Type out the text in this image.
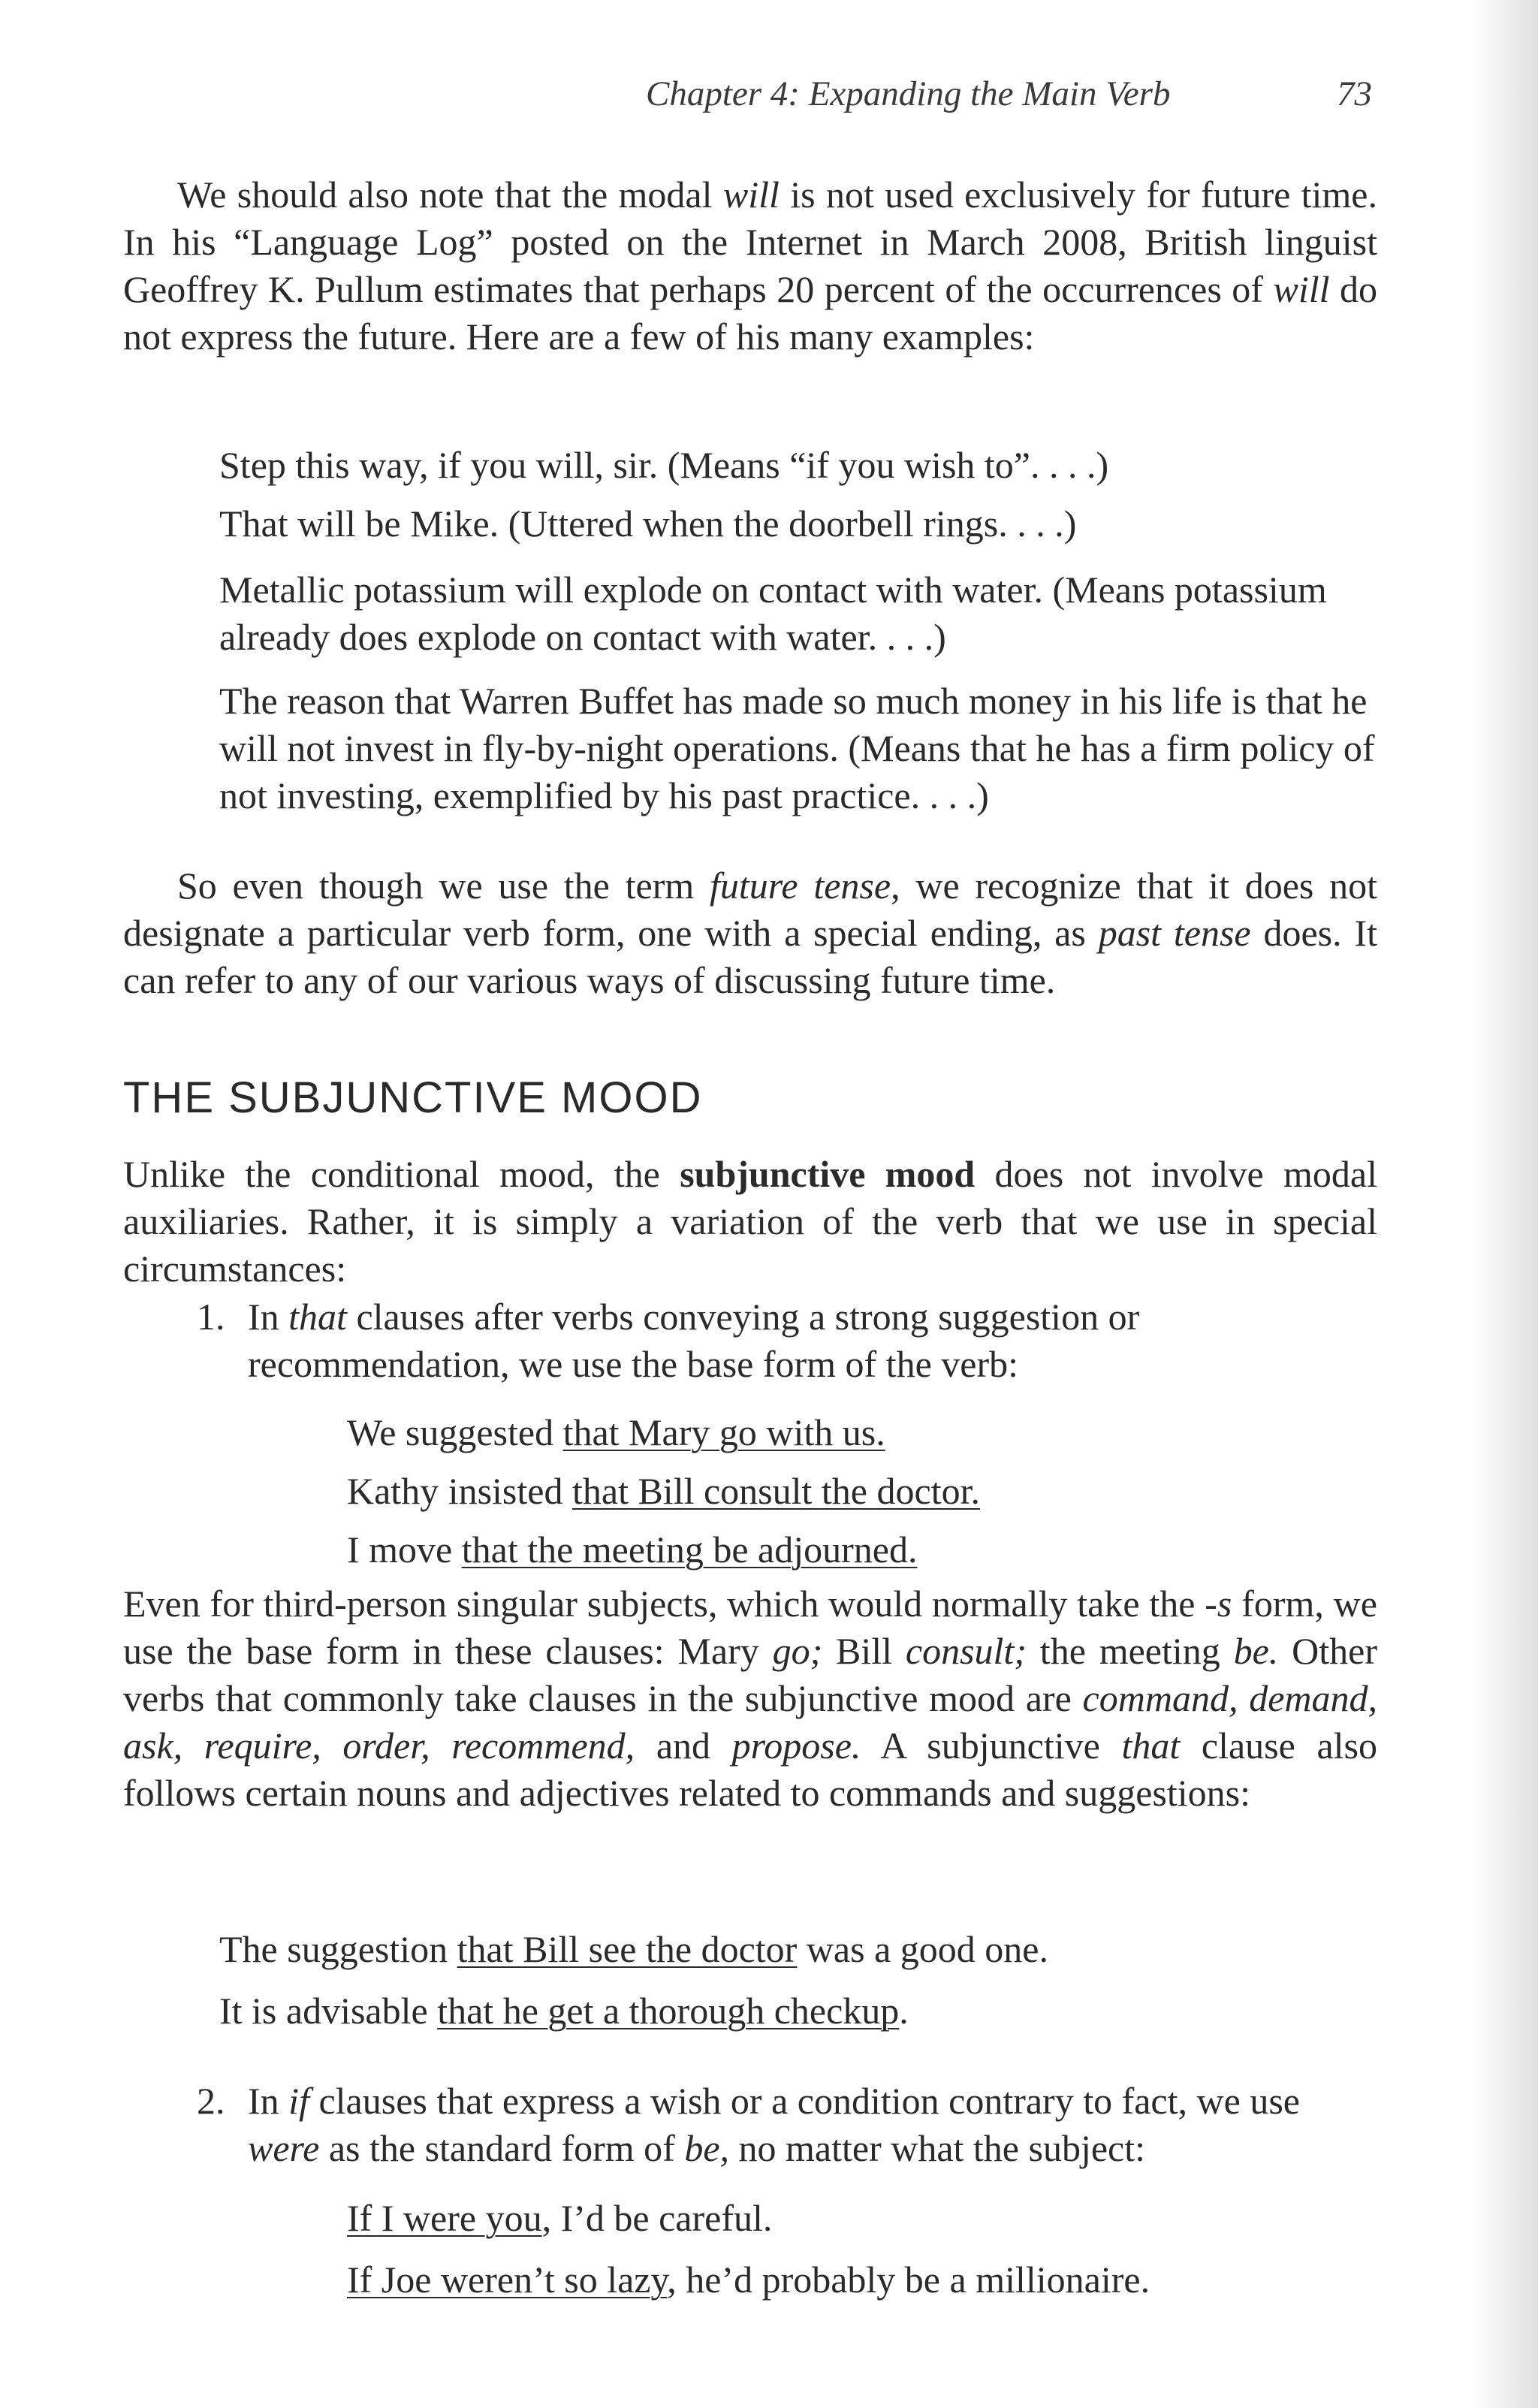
Chapter 4: Expanding the Main Verb	73

We should also note that the modal will is not used exclusively for future time. In his “Language Log” posted on the Internet in March 2008, British linguist Geoffrey K. Pullum estimates that perhaps 20 percent of the occurrences of will do not express the future. Here are a few of his many examples:

Step this way, if you will, sir. (Means “if you wish to”. . . .)

That will be Mike. (Uttered when the doorbell rings. . . .)

Metallic potassium will explode on contact with water. (Means potassium already does explode on contact with water. . . .)

The reason that Warren Buffet has made so much money in his life is that he will not invest in fly-by-night operations. (Means that he has a firm policy of not investing, exemplified by his past practice. . . .)

So even though we use the term future tense, we recognize that it does not designate a particular verb form, one with a special ending, as past tense does. It can refer to any of our various ways of discussing future time.

THE SUBJUNCTIVE MOOD

Unlike the conditional mood, the subjunctive mood does not involve modal auxiliaries. Rather, it is simply a variation of the verb that we use in special circumstances:

1. In that clauses after verbs conveying a strong suggestion or recommendation, we use the base form of the verb:

We suggested that Mary go with us.

Kathy insisted that Bill consult the doctor.

I move that the meeting be adjourned.

Even for third-person singular subjects, which would normally take the -s form, we use the base form in these clauses: Mary go; Bill consult; the meeting be. Other verbs that commonly take clauses in the subjunctive mood are command, demand, ask, require, order, recommend, and propose. A subjunctive that clause also follows certain nouns and adjectives related to commands and suggestions:

The suggestion that Bill see the doctor was a good one.

It is advisable that he get a thorough checkup.

2. In if clauses that express a wish or a condition contrary to fact, we use were as the standard form of be, no matter what the subject:

If I were you, I’d be careful.

If Joe weren’t so lazy, he’d probably be a millionaire.
